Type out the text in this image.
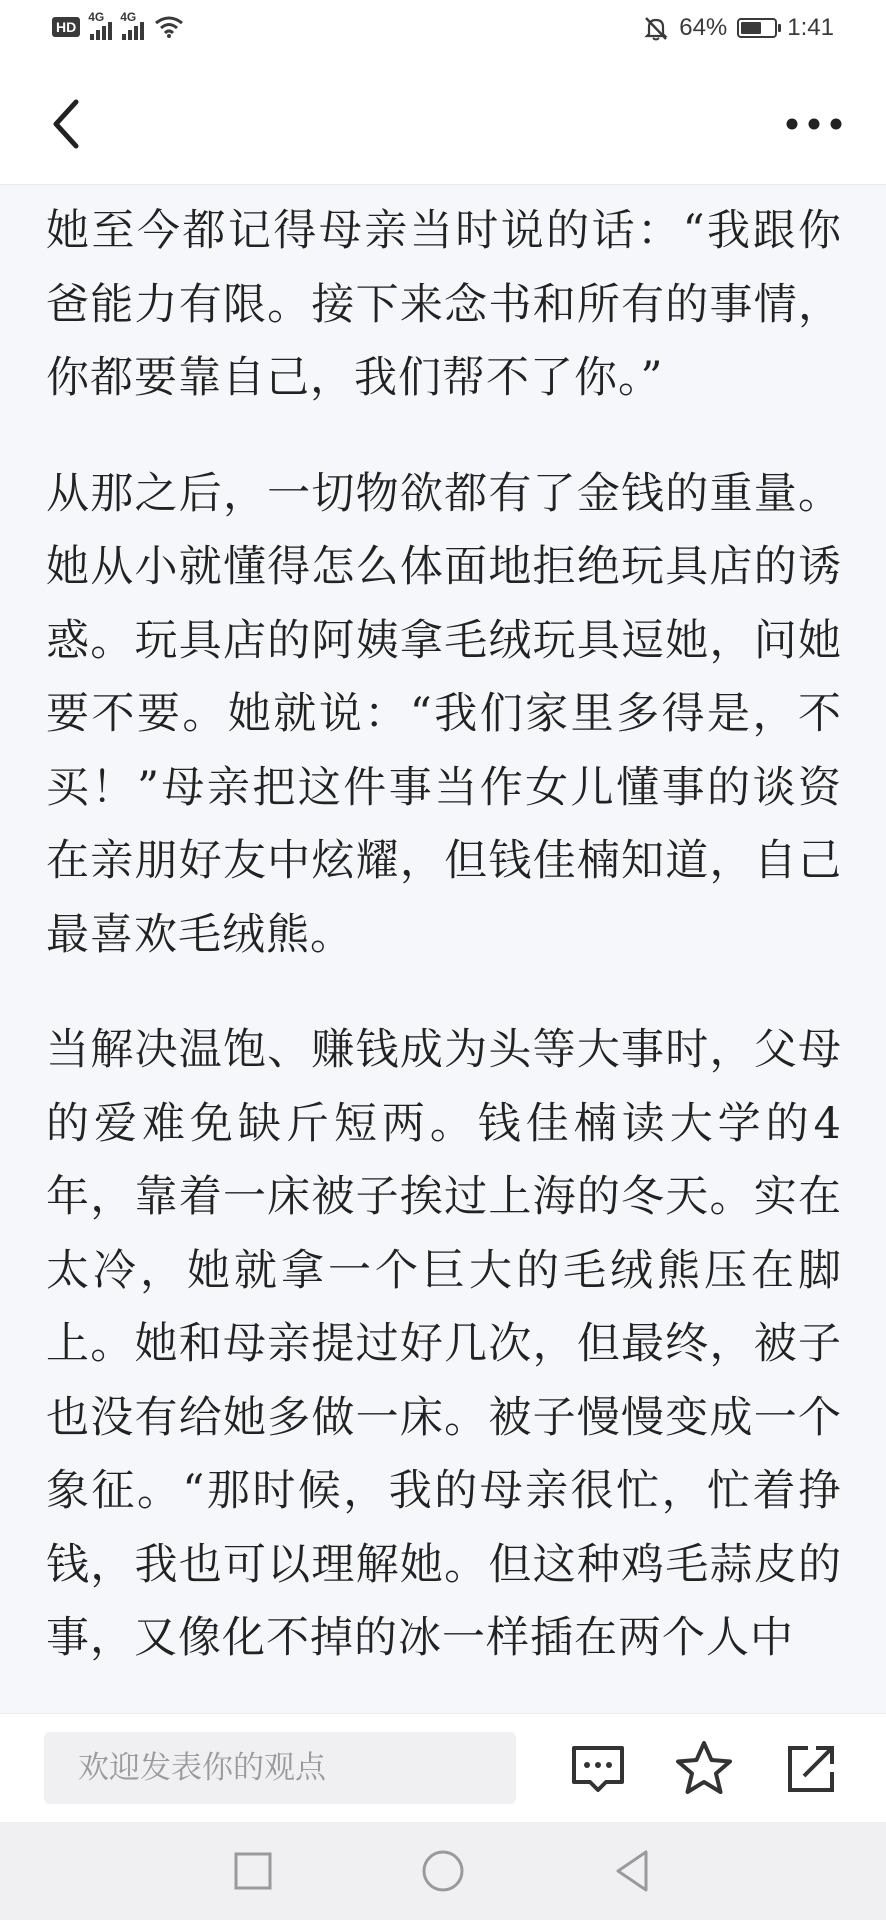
HD
4G 4G	64%	1:41

她至今都记得母亲当时说的话：“我跟你爸能力有限。接下来念书和所有的事情，你都要靠自己，我们帮不了你。”

从那之后，一切物欲都有了金钱的重量。她从小就懂得怎么体面地拒绝玩具店的诱惑。玩具店的阿姨拿毛绒玩具逗她，问她要不要。她就说：“我们家里多得是，不买！”母亲把这件事当作女儿懂事的谈资在亲朋好友中炫耀，但钱佳楠知道，自己最喜欢毛绒熊。

当解决温饱、赚钱成为头等大事时，父母的爱难免缺斤短两。钱佳楠读大学的4年，靠着一床被子挨过上海的冬天。实在太冷，她就拿一个巨大的毛绒熊压在脚上。她和母亲提过好几次，但最终，被子也没有给她多做一床。被子慢慢变成一个象征。“那时候，我的母亲很忙，忙着挣钱，我也可以理解她。但这种鸡毛蒜皮的事，又像化不掉的冰一样插在两个人中

欢迎发表你的观点
